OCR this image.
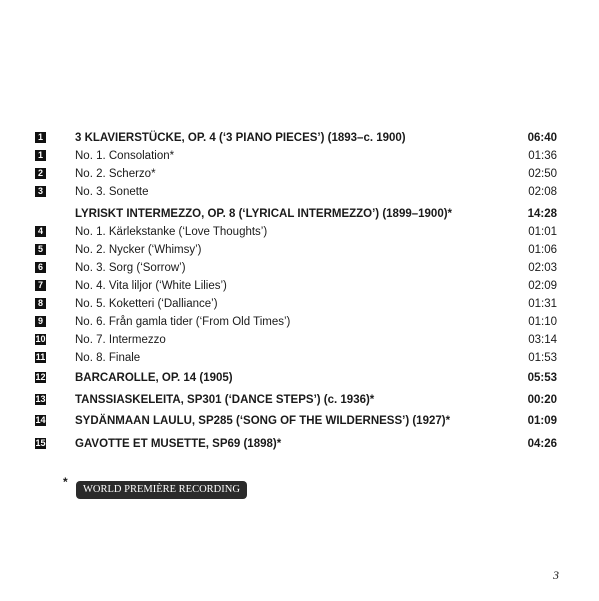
1	3 KLAVIERSTÜCKE, OP. 4 (‘3 PIANO PIECES’) (1893–c. 1900)	06:40
1	No. 1. Consolation*	01:36
2	No. 2. Scherzo*	02:50
3	No. 3. Sonette	02:08
LYRISKT INTERMEZZO, OP. 8 (‘LYRICAL INTERMEZZO’) (1899–1900)*	14:28
4	No. 1. Kärlekstanke (‘Love Thoughts’)	01:01
5	No. 2. Nycker (‘Whimsy’)	01:06
6	No. 3. Sorg (‘Sorrow’)	02:03
7	No. 4. Vita liljor (‘White Lilies’)	02:09
8	No. 5. Koketteri (‘Dalliance’)	01:31
9	No. 6. Från gamla tider (‘From Old Times’)	01:10
10	No. 7. Intermezzo	03:14
11	No. 8. Finale	01:53
12	BARCAROLLE, OP. 14 (1905)	05:53
13	TANSSIASKELEITA, SP301 (‘DANCE STEPS’) (c. 1936)*	00:20
14	SYDÄNMAAN LAULU, SP285 (‘SONG OF THE WILDERNESS’) (1927)*	01:09
15	GAVOTTE ET MUSETTE, SP69 (1898)*	04:26
*
WORLD PREMIÈRE RECORDING
3
